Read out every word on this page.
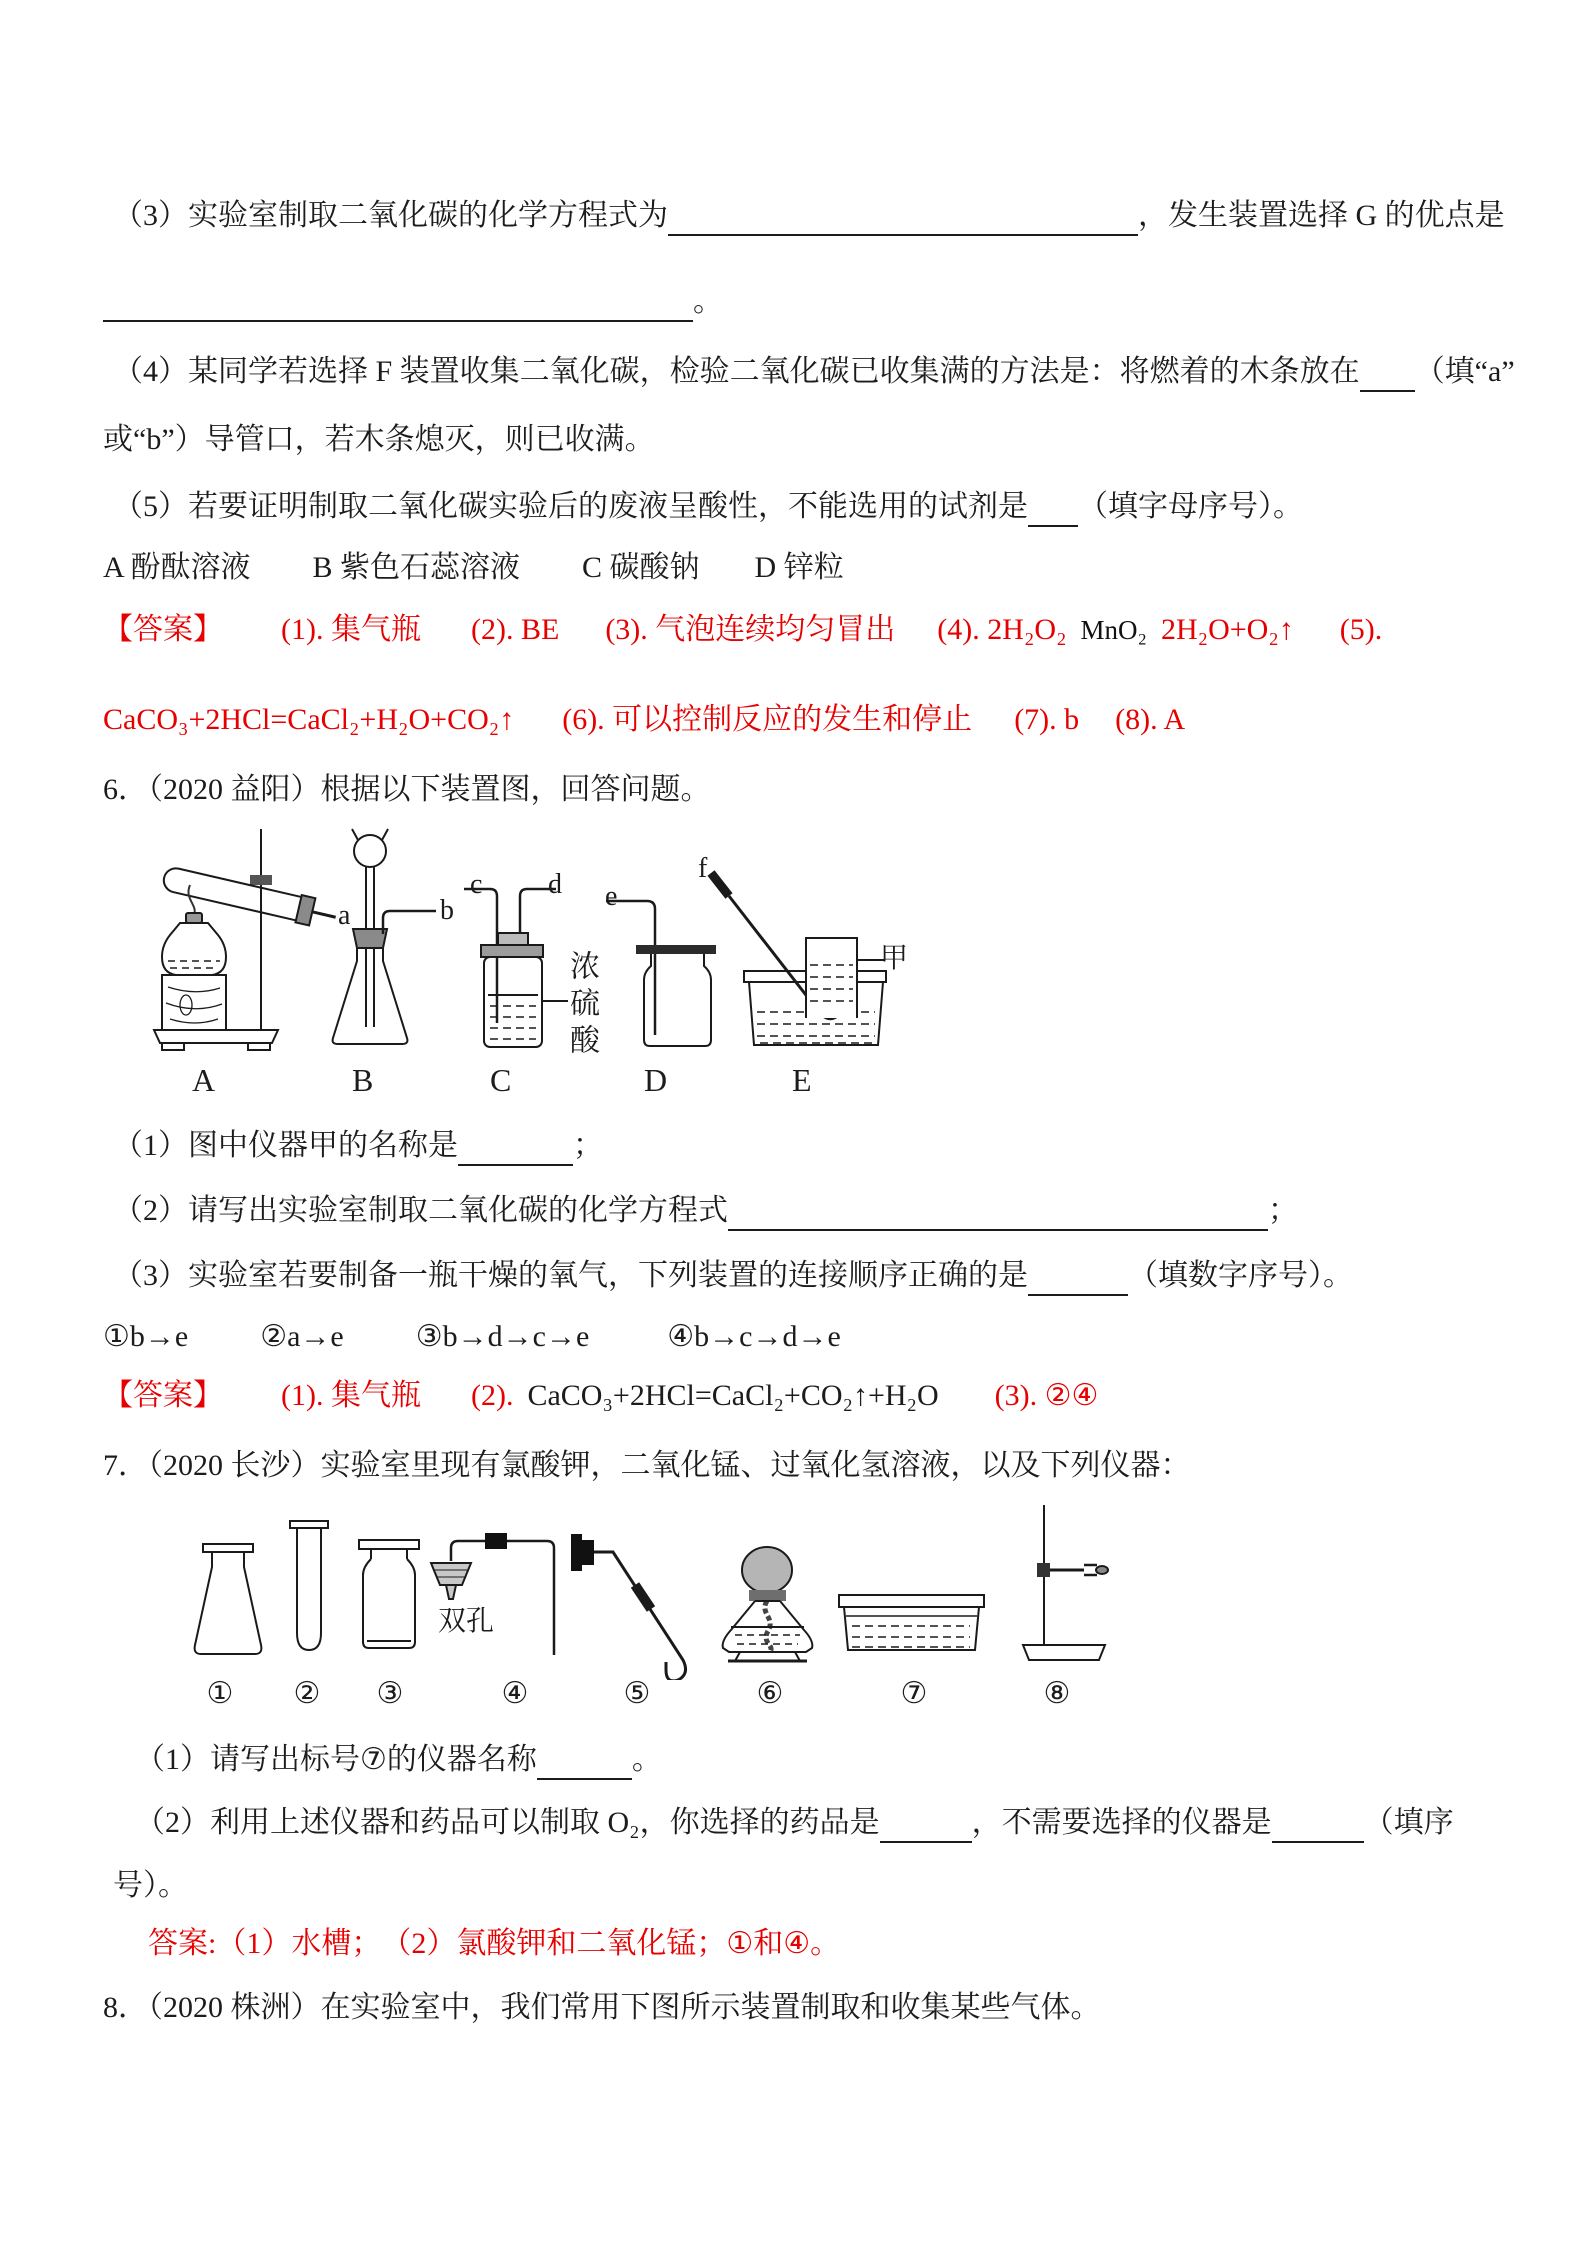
（3）实验室制取二氧化碳的化学方程式为	，发生装置选择 G 的优点是
。
（4）某同学若选择 F 装置收集二氧化碳，检验二氧化碳已收集满的方法是：将燃着的木条放在 （填“a”
或“b”）导管口，若木条熄灭，则已收满。
（5）若要证明制取二氧化碳实验后的废液呈酸性，不能选用的试剂是 （填字母序号）。
A 酚酞溶液 B 紫色石蕊溶液 C 碳酸钠 D 锌粒
【答案】 (1). 集气瓶 (2). BE (3). 气泡连续均匀冒出 (4). 2H₂O₂ MnO₂ 2H₂O+O₂↑ (5).
CaCO₃+2HCl=CaCl₂+H₂O+CO₂↑ (6). 可以控制反应的发生和停止 (7). b (8). A
6．（2020 益阳）根据以下装置图，回答问题。
a	b
c d e
f
甲
浓硫酸
A	B	C	D	E
（1）图中仪器甲的名称是	；
（2）请写出实验室制取二氧化碳的化学方程式	；
（3）实验室若要制备一瓶干燥的氧气，下列装置的连接顺序正确的是	（填数字序号）。
①b→e ②a→e ③b→d→c→e	④b→c→d→e
【答案】 (1). 集气瓶 (2). CaCO₃+2HCl=CaCl₂+CO₂↑+H₂O (3). ②④
7．（2020 长沙）实验室里现有氯酸钾，二氧化锰、过氧化氢溶液，以及下列仪器：
双孔
① ② ③	④	⑤	⑥	⑦	⑧
（1）请写出标号⑦的仪器名称	。
（2）利用上述仪器和药品可以制取 O₂，你选择的药品是	，不需要选择的仪器是	（填序
号）。
答案:（1）水槽；　（2）氯酸钾和二氧化锰；①和④。
8．（2020 株洲）在实验室中，我们常用下图所示装置制取和收集某些气体。
